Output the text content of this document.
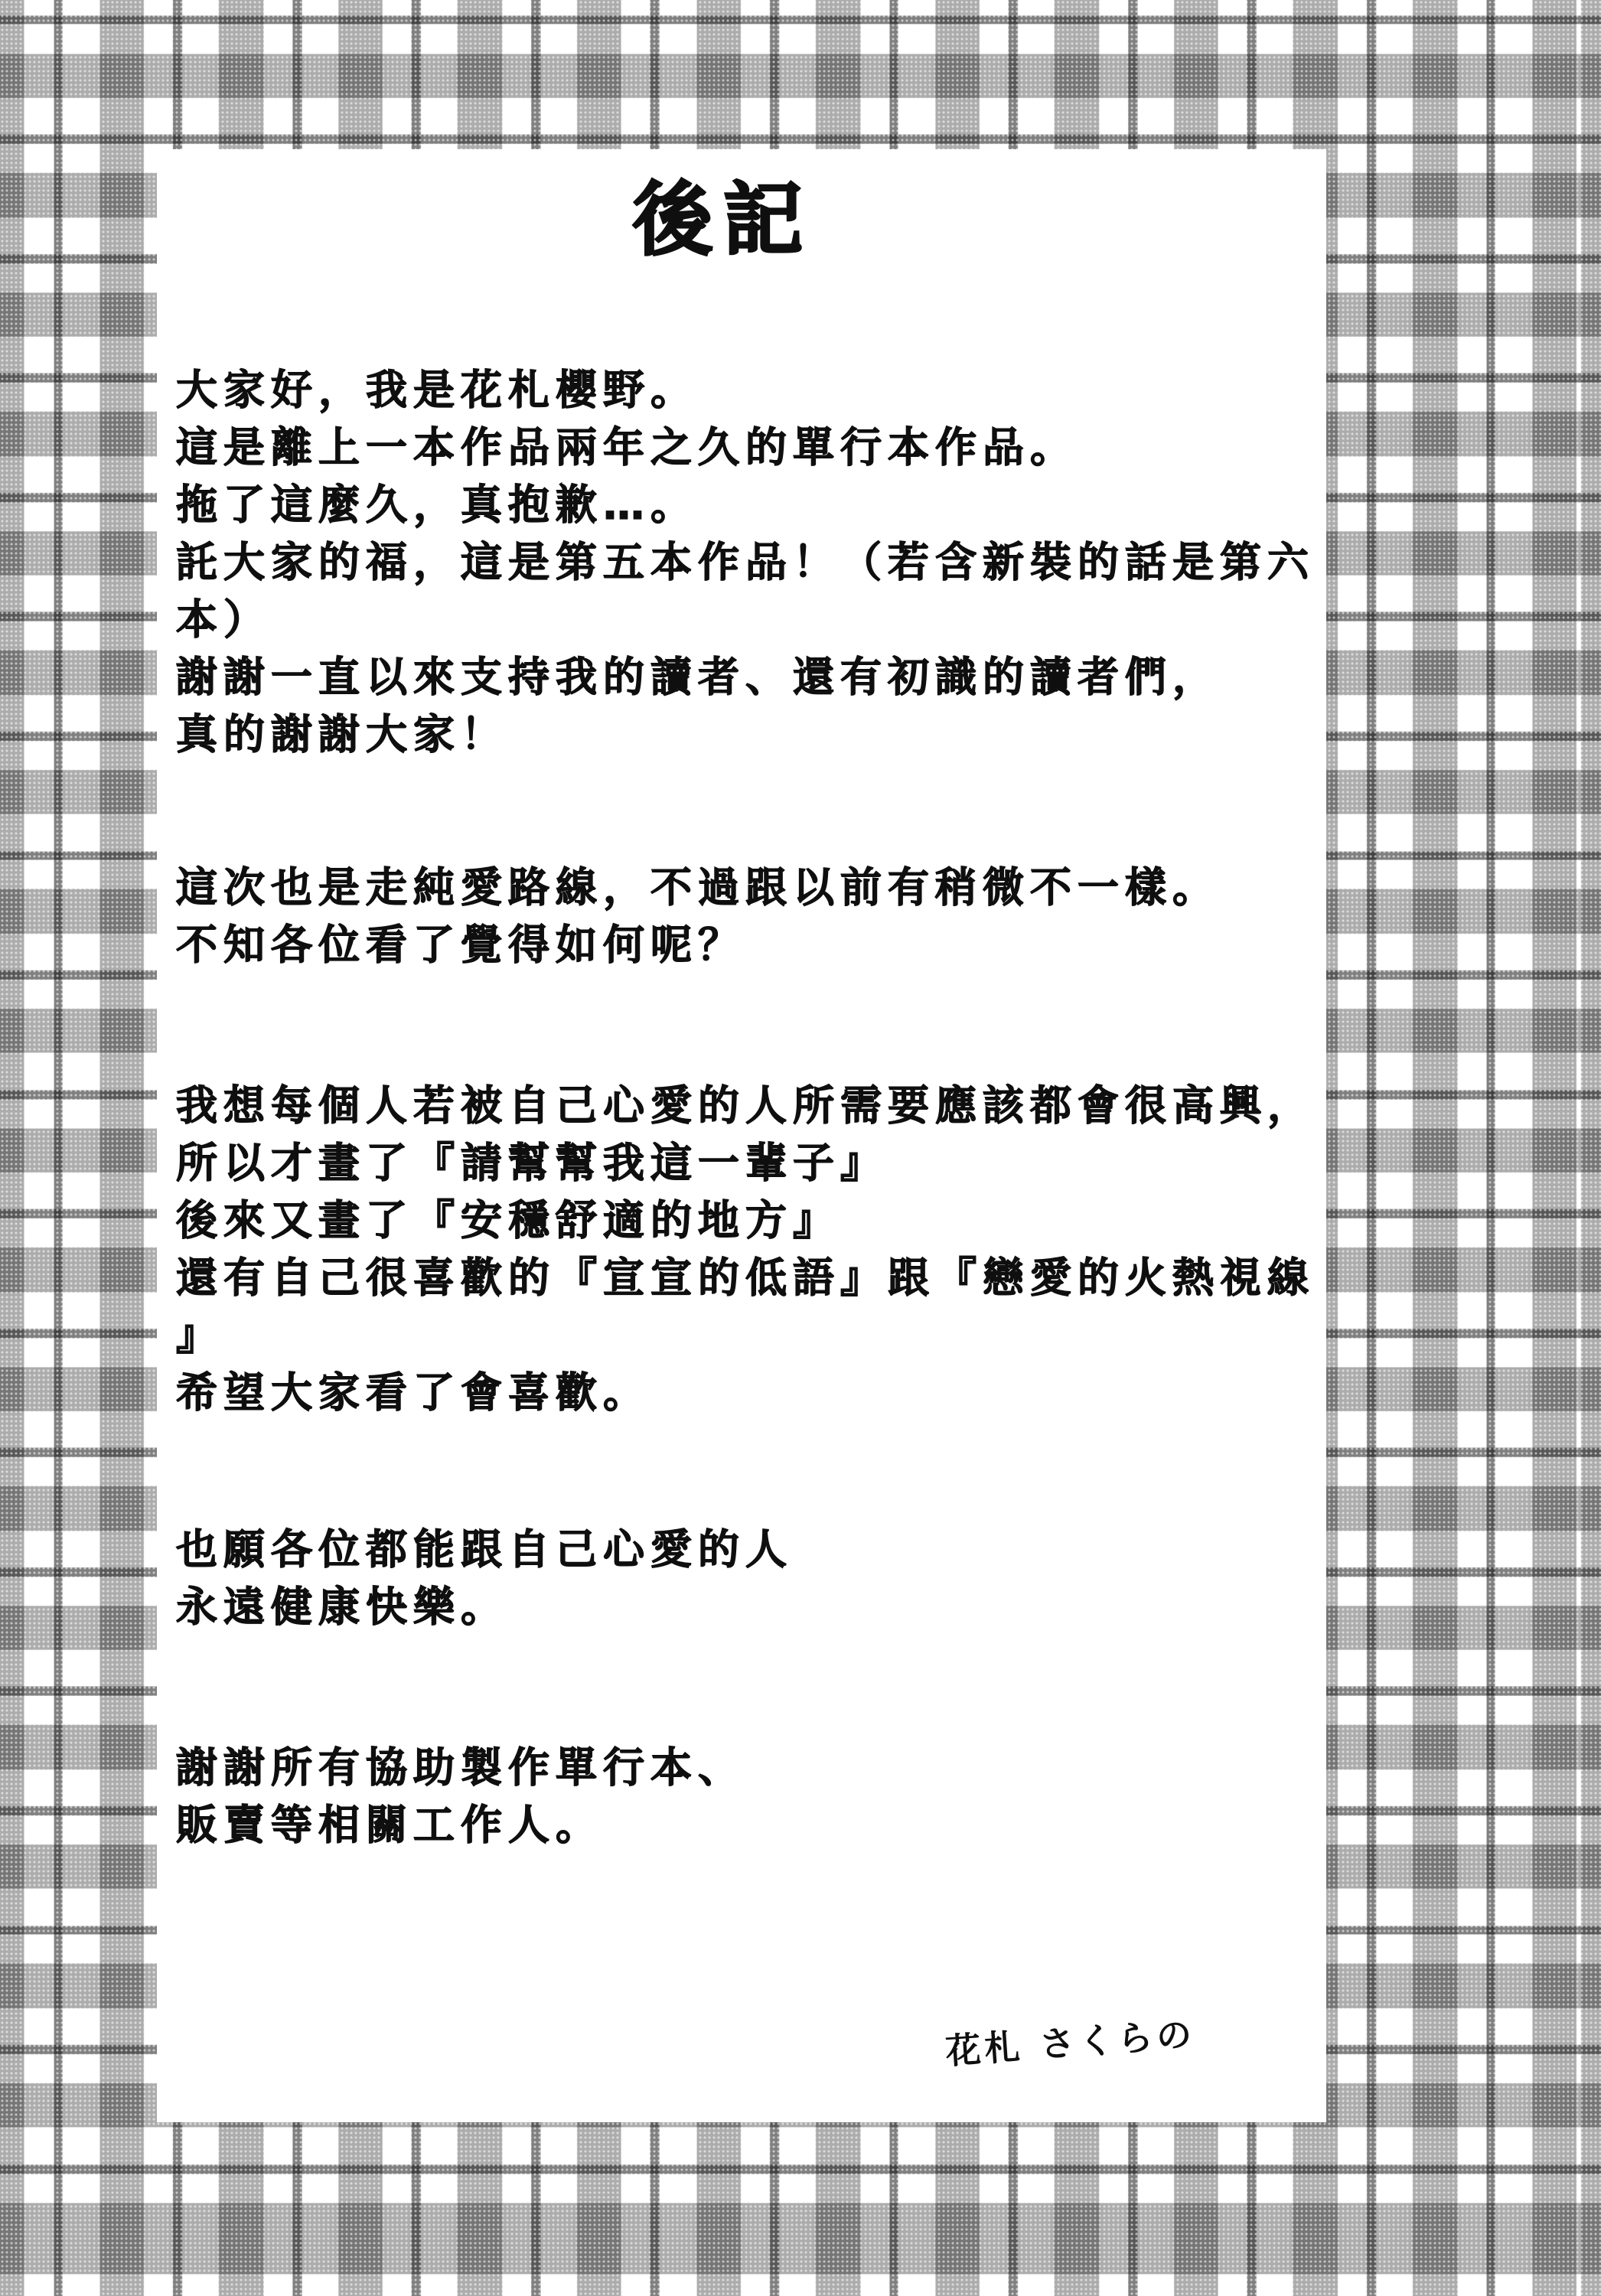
後記
大家好，我是花札櫻野。
這是離上一本作品兩年之久的單行本作品。
拖了這麼久，真抱歉…。
託大家的福，這是第五本作品！（若含新裝的話是第六
本）
謝謝一直以來支持我的讀者、還有初識的讀者們，
真的謝謝大家！
這次也是走純愛路線，不過跟以前有稍微不一樣。
不知各位看了覺得如何呢？
我想每個人若被自己心愛的人所需要應該都會很高興，
所以才畫了『請幫幫我這一輩子』
後來又畫了『安穩舒適的地方』
還有自己很喜歡的『宣宣的低語』跟『戀愛的火熱視線
』
希望大家看了會喜歡。
也願各位都能跟自己心愛的人
永遠健康快樂。
謝謝所有協助製作單行本、
販賣等相關工作人。
花札 さくらの
